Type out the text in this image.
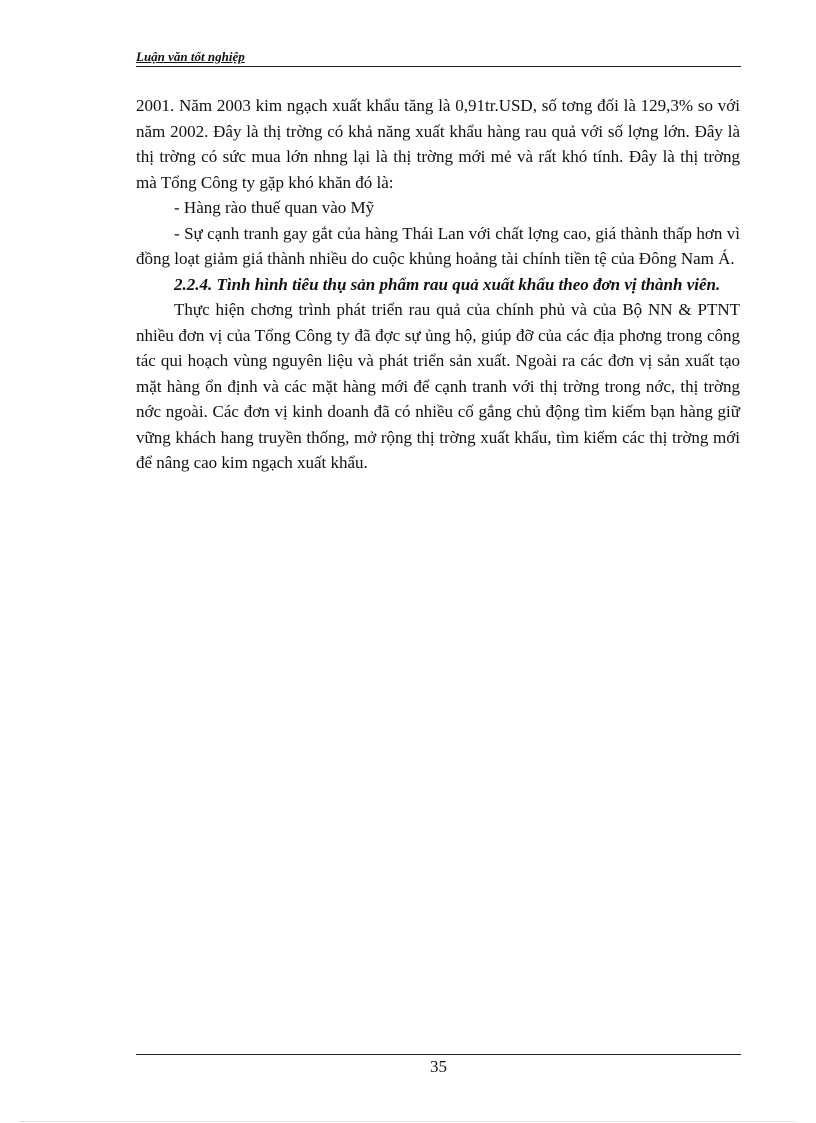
Luận văn tốt nghiệp

2001. Năm 2003 kim ngạch xuất khẩu tăng là 0,91tr.USD, số tơng đối là 129,3% so với năm 2002. Đây là thị trờng có khả năng xuất khẩu hàng rau quả với số lợng lớn. Đây là thị trờng có sức mua lớn nhng lại là thị trờng mới mẻ và rất khó tính. Đây là thị trờng mà Tổng Công ty gặp khó khăn đó là:

- Hàng rào thuế quan vào Mỹ

- Sự cạnh tranh gay gắt của hàng Thái Lan với chất lợng cao, giá thành thấp hơn vì đồng loạt giảm giá thành nhiều do cuộc khủng hoảng tài chính tiền tệ của Đông Nam Á.

2.2.4. Tình hình tiêu thụ sản phẩm rau quả xuất khẩu theo đơn vị thành viên.

Thực hiện chơng trình phát triển rau quả của chính phủ và của Bộ NN & PTNT nhiều đơn vị của Tổng Công ty đã đợc sự ủng hộ, giúp đỡ của các địa phơng trong công tác qui hoạch vùng nguyên liệu và phát triển sản xuất. Ngoài ra các đơn vị sản xuất tạo mặt hàng ổn định và các mặt hàng mới để cạnh tranh với thị trờng trong nớc, thị trờng nớc ngoài. Các đơn vị kinh doanh đã có nhiều cố gắng chủ động tìm kiếm bạn hàng giữ vững khách hang truyền thống, mở rộng thị trờng xuất khẩu, tìm kiếm các thị trờng mới để nâng cao kim ngạch xuất khẩu.

35
